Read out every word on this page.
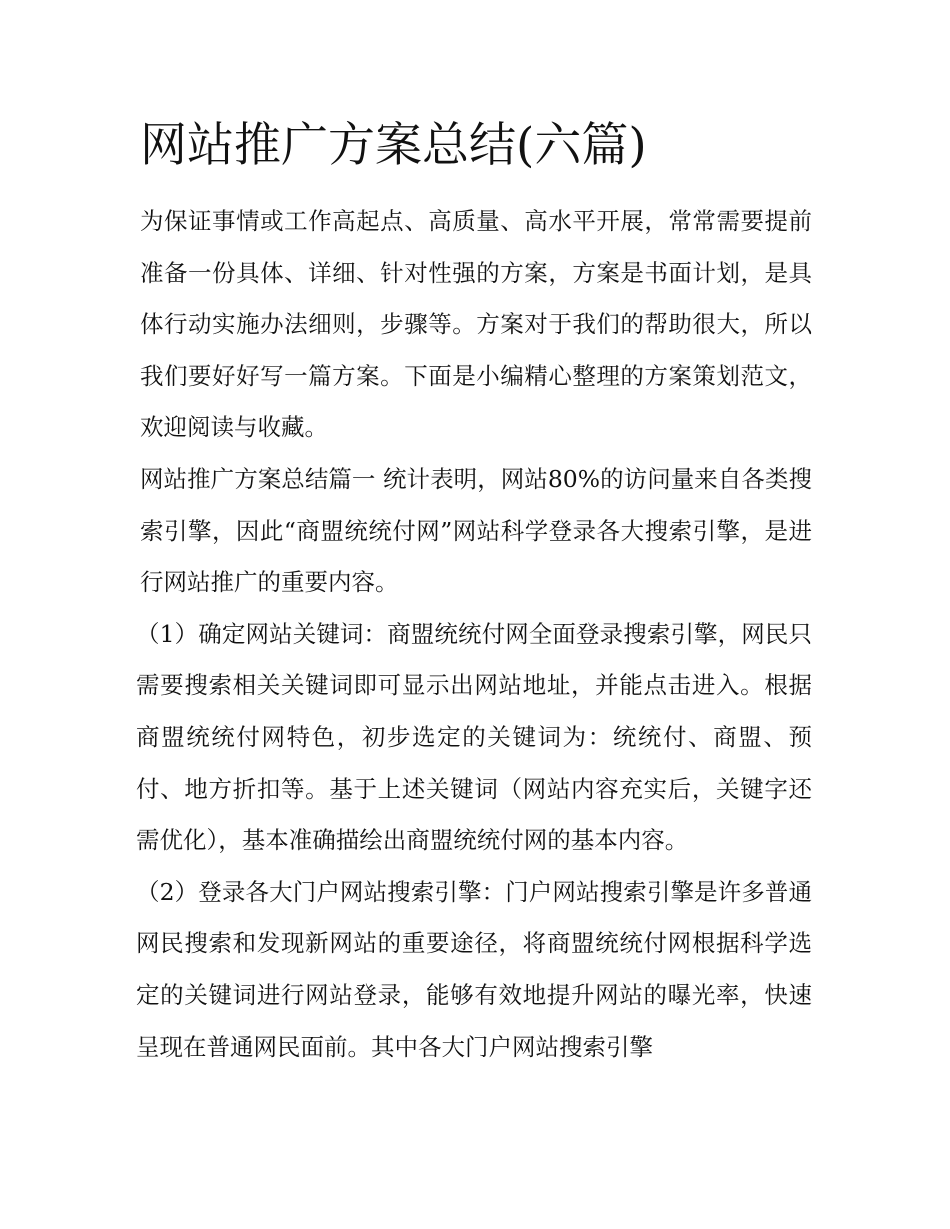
网站推广方案总结(六篇)

为保证事情或工作高起点、高质量、高水平开展，常常需要提前准备一份具体、详细、针对性强的方案，方案是书面计划，是具体行动实施办法细则，步骤等。方案对于我们的帮助很大，所以我们要好好写一篇方案。下面是小编精心整理的方案策划范文，欢迎阅读与收藏。

网站推广方案总结篇一 统计表明，网站80%的访问量来自各类搜索引擎，因此“商盟统统付网”网站科学登录各大搜索引擎，是进行网站推广的重要内容。

（1）确定网站关键词：商盟统统付网全面登录搜索引擎，网民只需要搜索相关关键词即可显示出网站地址，并能点击进入。根据商盟统统付网特色，初步选定的关键词为：统统付、商盟、预付、地方折扣等。基于上述关键词（网站内容充实后，关键字还需优化），基本准确描绘出商盟统统付网的基本内容。

（2）登录各大门户网站搜索引擎：门户网站搜索引擎是许多普通网民搜索和发现新网站的重要途径，将商盟统统付网根据科学选定的关键词进行网站登录，能够有效地提升网站的曝光率，快速呈现在普通网民面前。其中各大门户网站搜索引擎
